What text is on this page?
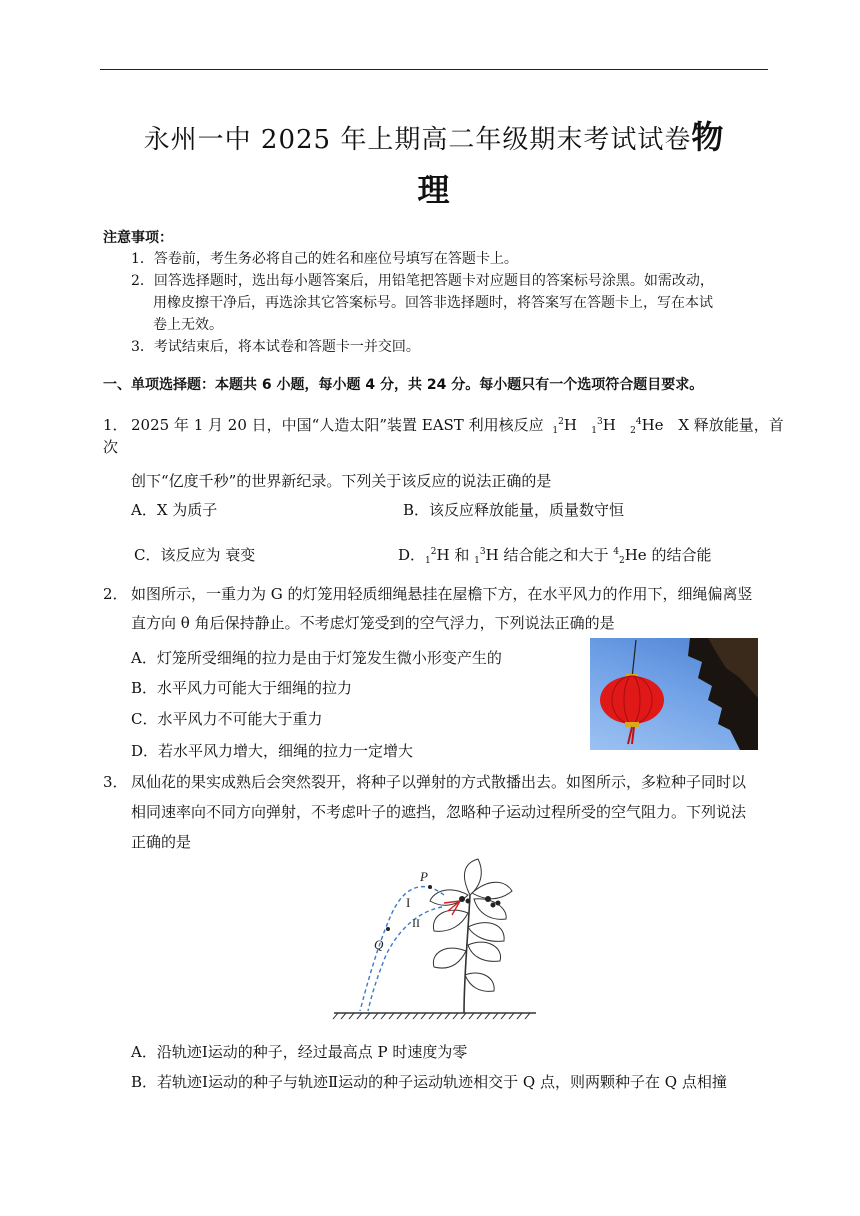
永州一中 2025 年上期高二年级期末考试试卷物
理
注意事项：
1．答卷前，考生务必将自己的姓名和座位号填写在答题卡上。
2．回答选择题时，选出每小题答案后，用铅笔把答题卡对应题目的答案标号涂黑。如需改动，
用橡皮擦干净后，再选涂其它答案标号。回答非选择题时，将答案写在答题卡上，写在本试
卷上无效。
3．考试结束后，将本试卷和答题卡一并交回。
一、单项选择题：本题共 6 小题，每小题 4 分，共 24 分。每小题只有一个选项符合题目要求。
1． 2025 年 1 月 20 日，中国“人造太阳”装置 EAST 利用核反应 $_1^2$H $_1^3$H $_2^4$He X 释放能量，首
次
创下“亿度千秒”的世界新纪录。下列关于该反应的说法正确的是
A．X 为质子	B．该反应释放能量，质量数守恒
C．该反应为 衰变	D．$_1^2$H 和 $_1^3$H 结合能之和大于 $^4_2$He 的结合能
2． 如图所示，一重力为 G 的灯笼用轻质细绳悬挂在屋檐下方，在水平风力的作用下，细绳偏离竖
直方向 θ 角后保持静止。不考虑灯笼受到的空气浮力，下列说法正确的是
A．灯笼所受细绳的拉力是由于灯笼发生微小形变产生的
B．水平风力可能大于细绳的拉力
C．水平风力不可能大于重力
D．若水平风力增大，细绳的拉力一定增大
3． 凤仙花的果实成熟后会突然裂开，将种子以弹射的方式散播出去。如图所示，多粒种子同时以
相同速率向不同方向弹射，不考虑叶子的遮挡，忽略种子运动过程所受的空气阻力。下列说法
正确的是
P
Q
I
II
A．沿轨迹Ⅰ运动的种子，经过最高点 P 时速度为零
B．若轨迹Ⅰ运动的种子与轨迹Ⅱ运动的种子运动轨迹相交于 Q 点，则两颗种子在 Q 点相撞
